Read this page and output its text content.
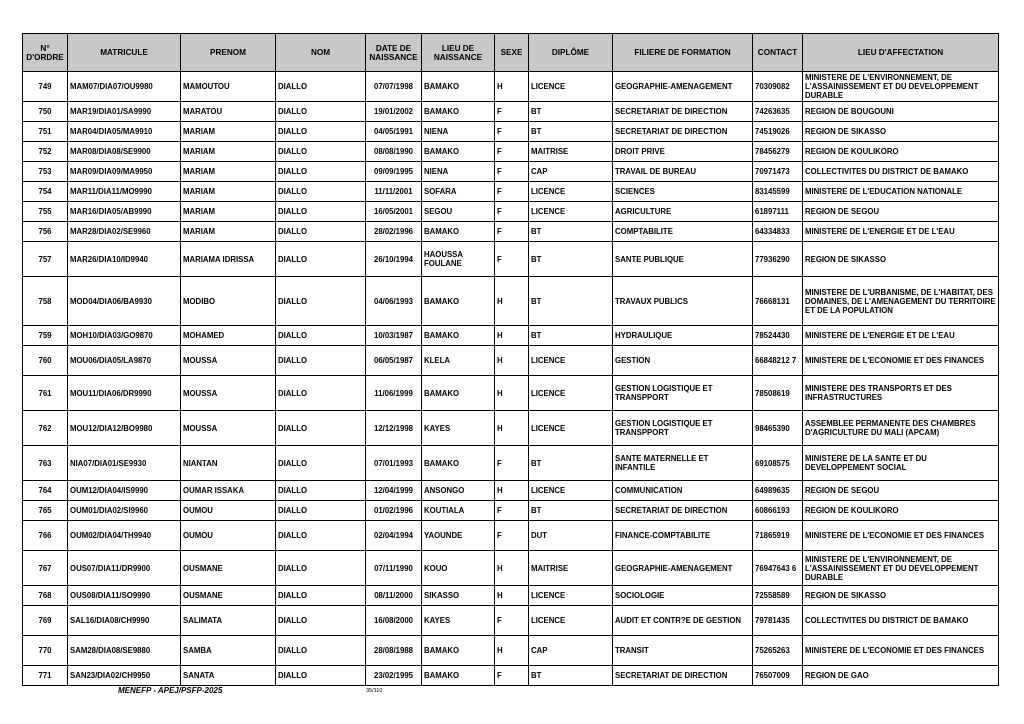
N° D'ORDRE	MATRICULE	PRENOM	NOM	DATE DE NAISSANCE	LIEU DE NAISSANCE	SEXE	DIPLÔME	FILIERE DE FORMATION	CONTACT	LIEU D'AFFECTATION
749	MAM07/DIA07/OU9980	MAMOUTOU	DIALLO	07/07/1998	BAMAKO	H	LICENCE	GEOGRAPHIE-AMENAGEMENT	70309082	MINISTERE DE L'ENVIRONNEMENT, DE L'ASSAINISSEMENT ET DU DEVELOPPEMENT DURABLE
750	MAR19/DIA01/SA9990	MARATOU	DIALLO	19/01/2002	BAMAKO	F	BT	SECRETARIAT DE DIRECTION	74263635	REGION DE BOUGOUNI
751	MAR04/DIA05/MA9910	MARIAM	DIALLO	04/05/1991	NIENA	F	BT	SECRETARIAT DE DIRECTION	74519026	REGION DE SIKASSO
752	MAR08/DIA08/SE9900	MARIAM	DIALLO	08/08/1990	BAMAKO	F	MAITRISE	DROIT PRIVE	78456279	REGION DE KOULIKORO
753	MAR09/DIA09/MA9950	MARIAM	DIALLO	09/09/1995	NIENA	F	CAP	TRAVAIL DE BUREAU	70971473	COLLECTIVITES DU DISTRICT DE BAMAKO
754	MAR11/DIA11/MO9990	MARIAM	DIALLO	11/11/2001	SOFARA	F	LICENCE	SCIENCES	83145599	MINISTERE DE L'EDUCATION NATIONALE
755	MAR16/DIA05/AB9990	MARIAM	DIALLO	16/05/2001	SEGOU	F	LICENCE	AGRICULTURE	61897111	REGION DE SEGOU
756	MAR28/DIA02/SE9960	MARIAM	DIALLO	28/02/1996	BAMAKO	F	BT	COMPTABILITE	64334833	MINISTERE DE L'ENERGIE ET DE L'EAU
757	MAR26/DIA10/ID9940	MARIAMA IDRISSA	DIALLO	26/10/1994	HAOUSSA FOULANE	F	BT	SANTE PUBLIQUE	77936290	REGION DE SIKASSO
758	MOD04/DIA06/BA9930	MODIBO	DIALLO	04/06/1993	BAMAKO	H	BT	TRAVAUX PUBLICS	76668131	MINISTERE DE L'URBANISME, DE L'HABITAT, DES DOMAINES, DE L'AMENAGEMENT DU TERRITOIRE ET DE LA POPULATION
759	MOH10/DIA03/GO9870	MOHAMED	DIALLO	10/03/1987	BAMAKO	H	BT	HYDRAULIQUE	78524430	MINISTERE DE L'ENERGIE ET DE L'EAU
760	MOU06/DIA05/LA9870	MOUSSA	DIALLO	06/05/1987	KLELA	H	LICENCE	GESTION	66848212 7	MINISTERE DE L'ECONOMIE ET DES FINANCES
761	MOU11/DIA06/DR9990	MOUSSA	DIALLO	11/06/1999	BAMAKO	H	LICENCE	GESTION LOGISTIQUE ET TRANSPPORT	78508619	MINISTERE DES TRANSPORTS ET DES INFRASTRUCTURES
762	MOU12/DIA12/BO9980	MOUSSA	DIALLO	12/12/1998	KAYES	H	LICENCE	GESTION LOGISTIQUE ET TRANSPPORT	98465390	ASSEMBLEE PERMANENTE DES CHAMBRES D'AGRICULTURE DU MALI (APCAM)
763	NIA07/DIA01/SE9930	NIANTAN	DIALLO	07/01/1993	BAMAKO	F	BT	SANTE MATERNELLE ET INFANTILE	69108575	MINISTERE DE LA SANTE ET DU DEVELOPPEMENT SOCIAL
764	OUM12/DIA04/IS9990	OUMAR ISSAKA	DIALLO	12/04/1999	ANSONGO	H	LICENCE	COMMUNICATION	64989635	REGION DE SEGOU
765	OUM01/DIA02/SI9960	OUMOU	DIALLO	01/02/1996	KOUTIALA	F	BT	SECRETARIAT DE DIRECTION	60866193	REGION DE KOULIKORO
766	OUM02/DIA04/TH9940	OUMOU	DIALLO	02/04/1994	YAOUNDE	F	DUT	FINANCE-COMPTABILITE	71865919	MINISTERE DE L'ECONOMIE ET DES FINANCES
767	OUS07/DIA11/DR9900	OUSMANE	DIALLO	07/11/1990	KOUO	H	MAITRISE	GEOGRAPHIE-AMENAGEMENT	76947643 6	MINISTERE DE L'ENVIRONNEMENT, DE L'ASSAINISSEMENT ET DU DEVELOPPEMENT DURABLE
768	OUS08/DIA11/SO9990	OUSMANE	DIALLO	08/11/2000	SIKASSO	H	LICENCE	SOCIOLOGIE	72558589	REGION DE SIKASSO
769	SAL16/DIA08/CH9990	SALIMATA	DIALLO	16/08/2000	KAYES	F	LICENCE	AUDIT ET CONTR?E DE GESTION	79781435	COLLECTIVITES DU DISTRICT DE BAMAKO
770	SAM28/DIA08/SE9880	SAMBA	DIALLO	28/08/1988	BAMAKO	H	CAP	TRANSIT	75265263	MINISTERE DE L'ECONOMIE ET DES FINANCES
771	SAN23/DIA02/CH9950	SANATA	DIALLO	23/02/1995	BAMAKO	F	BT	SECRETARIAT DE DIRECTION	76507009	REGION DE GAO
MENEFP - APEJ/PSFP-2025	35/110
